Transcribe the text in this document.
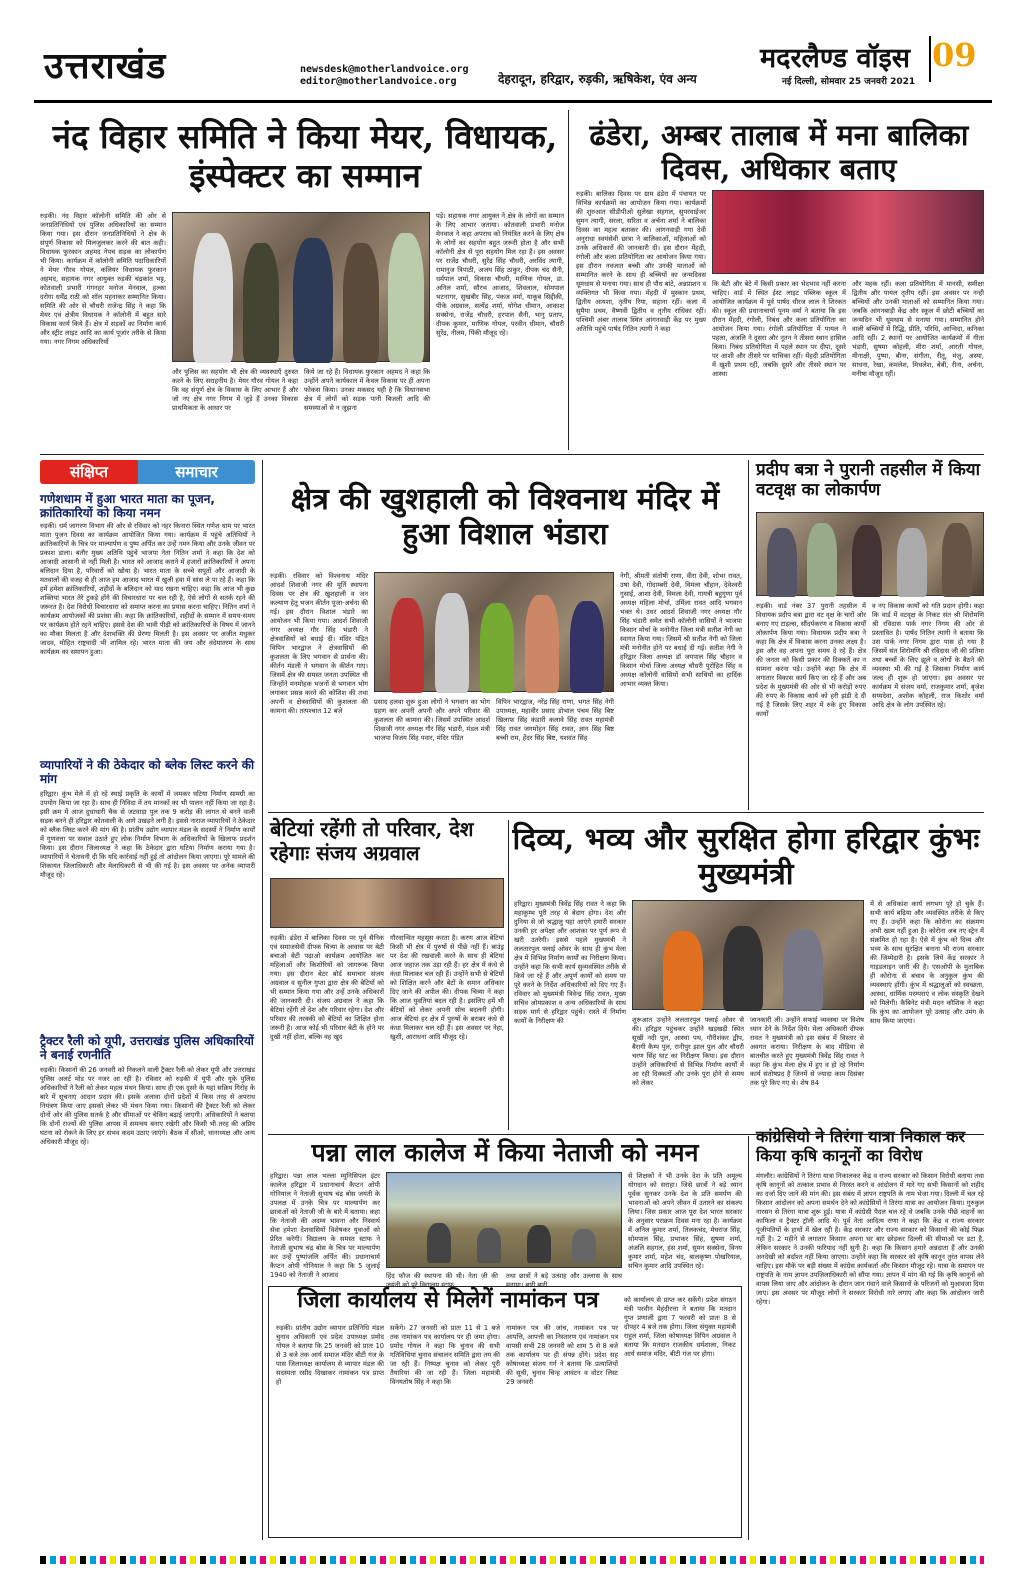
उत्तराखंड	newsdesk@motherlandvoice.org
editor@motherlandvoice.org	देहरादून, हरिद्वार, रुड़की, ऋषिकेश, एंव अन्य
मदरलैण्ड वॉइस 09
नई दिल्ली, सोमवार 25 जनवरी 2021
नंद विहार समिति ने किया मेयर, विधायक, इंस्पेक्टर का सम्मान
रुड़की। नंद विहार कॉलोनी समिति की ओर से जनप्रतिनिधियों एवं पुलिस अधिकारियों का सम्मान किया गया। इस दौरान जनप्रतिनिधियों ने क्षेत्र के संपूर्ण विकास को मिलजुलकर करने की बात कही। विधायक फुरकान अहमद नेपच सड़क का लोकार्पण भी किया। कार्यक्रम में कॉलोनी समिति पदाधिकारियों ने मेयर गौरव गोयल, कलियर विधायक फुरकान अहमद, सहायक नगर आयुक्त रुड़की चंद्रकांत भट्ट, कोतवाली प्रभारी गंगनहर मनोज मेनवाल, हल्का दरोगा धर्मेंद्र राठी को शॉल पहनाकर सम्मानित किया। समिति की ओर से चौधरी राजेन्द्र सिंह ने कहा कि मेयर एवं क्षेत्रीय विधायक ने कॉलोनी में बहुत सारे विकास कार्य किये हैं। क्षेत्र में सड़कों का निर्माण कार्य और स्ट्रीट लाइट आदि का कार्य पूजांर तरीके से किया गया। नगर निगम अधिकारियों
और पुलिस का सहयोग भी क्षेत्र की व्यवस्थाएँ दुरुस्त करने के लिए सराहनीय है। मेयर गौरव गोयल ने कहा कि वह संपूर्ण क्षेत्र के विकास के लिए आभार हैं और जो नए क्षेत्र नगर निगम में जुड़े हैं उनका विकास प्राथमिकता के आधार पर
किये जा रहे हैं। विधायक फुरकान अहमद ने कहा कि उन्होंने अपने कार्यकाल में केवल विकास पर ही अपना फोकस किया। उनका मकसद यही है कि विधानसभा क्षेत्र में लोगों को सड़क पानी बिजली आदि की समस्याओं से न जूझना
पड़े। सहायक नगर आयुक्त ने क्षेत्र के लोगों का सम्मान के लिए आभार जताया। कोतवाली प्रभारी मनोज मेनवाल ने कहा अपराध को नियंत्रित करने के लिए क्षेत्र के लोगों का सहयोग बहुत जरूरी होता है और सभी कॉलोनी क्षेत्र से पूरा सहयोग मिल रहा है। इस अवसर पर राजेंद्र चौधरी, सुरेंद्र सिंह चौधरी, अरविंद त्यागी, रामानुज त्रिपाठी, अजय सिंह ठाकुर, दीपक चंद सैनी, धर्मपाल शर्मा, विकास चौधरी, माणिक गोयल, डा. अनिल शर्मा, सौरभ आजाद, शिवलाल, सोमपाल भटनागर, सुखबीर सिंह, पंकज वर्मा, याकूब सिद्दीकी, पीके अग्रवाल, सत्येंद्र शर्मा, योगेश धीमान, आकाश सक्सेना, राजेंद्र चौधरी, हरपाल सैनी, भानु प्रताप, दीपक कुमार, माणिक गोयल, परवीन धीमान, चौधरी सुरेंद्र, नीलम, पिंकी मौजूद रहे।
ढंडेरा, अम्बर तालाब में मना बालिका दिवस, अधिकार बताए
रुड़की। बालिका दिवस पर ग्राम ढंडेरा में पंचायत पर विभिन्न कार्यक्रमों का आयोजन किया गया। कार्यक्रमों की शुरुआत सीडीपीओ सुलेखा सहगल, सुपरवाईजर सुमन त्यागी, सरला, सरिता व अर्चना शर्मा ने बालिका दिवस का महत्व बताकर की। आंगनवाड़ी गगा देवी अनुराधा स्वयंसेवी छात्रा ने बालिकाओं, महिलाओं को उनके अधिकारों की जानकारी दी। इस दौरान मेंहदी, रंगोली और कला प्रतियोगिता का आयोजन किया गया। इस दौरान नवजात बच्ची और उनकी माताओं को सम्मानित करने के साथ ही बच्चियों का जन्मदिवस धूमधाम से मनाया गया। साथ ही पौध बांटे, अन्नप्राशन व व्यक्तिगत भी किया गया। मेंहदी में मुस्कान प्रथम, द्वितीय आयशा, तृतीय रिया, सहाना रहीं। कला में सुमैया प्रथम, वैष्णवी द्वितीय व तृतीय राधिका रहीं। पश्चिमी अंबर तालाब स्थित आंगनवाड़ी केंद्र पर मुख्य अतिथि पहुंचे पार्षद नितिन त्यागी ने कहा
कि बेटी और बेटे में किसी प्रकार का भेदभाव नहीं करना चाहिए। वार्ड में स्थित ईस्ट लाइट पब्लिक स्कूल में आयोजित कार्यक्रम में पूर्व पार्षद धीरज लाल ने शिरकत की। स्कूल की प्रधानाचार्या पूनम वर्मा ने बताया कि इस दौरान मेंहदी, रंगोली, निबंध और कला प्रतियोगिता का आयोजन किया गया। रंगोली प्रतियोगिता में पायल ने पहला, अंजलि ने दूसरा और नूतन ने तीसरा स्थान हासिल किया। निबंध प्रतियोगिता में पहले स्थान पर दीपा, दूसरे पर आशी और तीसरे पर याचिका रहीं। मेंहदी प्रतियोगिता में खुशी प्रथम रहीं, जबकि दूसरे और तीसरे स्थान पर आस्था
और महक रहीं। कला प्रतियोगिता में मानसी, समीक्षा द्वितीय और पायल तृतीय रहीं। इस अवसर पर नन्ही बच्चियों और उनकी माताओं को सम्मानित किया गया। जबकि आंगनबाड़ी केंद्र और स्कूल में छोटी बच्चियों का जन्मदिन भी धूमधाम से मनाया गया। सम्मानित होने वाली बच्चियों में रिद्धि, प्रीति, परिधि, आन्विदा, कनिका आदि रहीं। 2 स्थानों पर आयोजित कार्यक्रमों में गीता भंडारी, सुषमा कोहली, मीरा शर्मा, आरती गोयल, मीनाक्षी, पुष्पा, बीना, संगीता, रीतू, मंजु, अस्मा, साधना, रेखा, कमलेश, मिथलेश, बेबी, रीना, अर्चना, मनीषा मौजूद रहीं।
संक्षिप्त	समाचार
गणेशधाम में हुआ भारत माता का पूजन, क्रांतिकारियों को किया नमन
रुड़की। धर्म जागरण विभाग की ओर से रविवार को नहर किनारा स्थित गणेश धाम पर भारत माता पूजन दिवस का कार्यक्रम आयोजित किया गया। कार्यक्रम में पहुंचे अतिथियों ने क्रांतिकारियों के चित्र पर माल्यार्पण व पुष्प अर्पित कर उन्हें नमन किया और उनके जीवन पर प्रकाश डाला। बतौर मुख्य अतिथि पहुंचे भाजपा नेता नितिन शर्मा ने कहा कि देश को आजादी आसानी से नहीं मिली है। भारत को आजाद कराने में हजारों क्रांतिकारियों ने अपना बलिदान दिया है, परिवारों को खोया है। भारत माता के सच्चे सपूतों और आजादी के मतवालों की वजह से ही आज हम आजाद भारत में खुली हवा में सांस ले पा रहे हैं। कहा कि हमें हमेशा क्रांतिकारियों, शहीदों के बलिदान को याद रखना चाहिए। कहा कि आज भी कुछ शक्तियां भारत तेरे टुकड़े होंगे की विचारधारा पर चल रही है, ऐसे लोगों से सतर्क रहने की जरूरत है। देश विरोधी विचारधारा को समाप्त करना का प्रयास करना चाहिए। नितिन शर्मा ने कार्यक्रम आयोजकों की प्रशंसा की। कहा कि क्रांतिकारियों, शहीदों के सम्मान में समय-समय पर कार्यक्रम होते रहने चाहिए। इससे देश की भावी पीढ़ी को क्रांतिकारियों के विषय में जानने का मौका मिलता है और देशभक्ति की प्रेरणा मिलती है। इस अवसर पर अजीत मधुकर जादव, मोहित राष्ट्रवादी भी शामिल रहे। भारत माता की जय और वंदेमातरम के साथ कार्यक्रम का समापन हुआ।
व्यापारियों ने की ठेकेदार को ब्लेक लिस्ट करने की मांग
हरिद्वार। कुंभ मेले में हो रहे स्थाई प्रकृति के कार्यों में जमकर घटिया निर्माण सामग्री का उपयोग किया जा रहा है। साथ ही निविदा में तय मानकों का भी पालन नहीं किया जा रहा है। इसी क्रम में आज दुधाधारी चैक से जटवाड़ा पुल तक 9 करोड़ की लागत से बनने वाली सड़क बनने ही हरिद्वार कोतवाली के आगे उखड़ने लगी है। इससे नाराज व्यापारियों ने ठेकेदार को ब्लैक लिस्ट करने की मांग की है। प्रांतीय उद्योग व्यापार मंडल के सदस्यों ने निर्माण कार्यों में गुणवत्ता पर सवाल उठाते हुए लोक निर्माण विभाग के अधिकारियों के खिलाफ प्रदर्शन किया। इस दौरान जिलाध्यक्ष ने कहा कि ठेकेदार द्वारा घटिया निर्माण कराया गया है। व्यापारियों ने चेतावनी दी कि यदि कार्रवाई नहीं हुई तो आंदोलन किया जाएगा। पूरे मामले की शिकायत जिलाधिकारी और मेलाधिकारी से भी की गई है। इस अवसर पर अनेक व्यापारी मौजूद रहे।
ट्रैक्टर रैली को यूपी, उत्तराखंड पुलिस अधिकारियों ने बनाई रणनीति
रुड़की। किसानों की 26 जनवरी को निकलने वाली ट्रैक्टर रैली को लेकर यूपी और उत्तराखंड पुलिस अलर्ट मोड पर नजर आ रही है। रविवार को रुड़की में यूपी और यूके पुलिस अधिकारियों ने रैली को लेकर महत्व मंथन किया। साथ ही एक दूसरे के यहां सक्रिय गिरोह के बारे में सूचनाएं आदान प्रदान की। इसके अलावा दोनों प्रदेशों में किस तरह से अपराध नियंत्रण किया जाए इसको लेकर भी मंथन किया गया। किसानों की ट्रैक्टर रैली को लेकर दोनों ओर की पुलिस सतर्क है और सीमाओं पर चेकिंग बढ़ाई जाएगी। अधिकारियों ने बताया कि दोनों राज्यों की पुलिस आपस में समन्वय बनाए रखेगी और किसी भी तरह की अप्रिय घटना को रोकने के लिए हर संभव कदम उठाए जाएंगे। बैठक में सीओ, थानाध्यक्ष और अन्य अधिकारी मौजूद रहे।
क्षेत्र की खुशहाली को विश्वनाथ मंदिर में हुआ विशाल भंडारा
रुड़की। रविवार को विश्वनाथ मंदिर आदर्श शिवाजी नगर की मूर्ति स्थापना दिवस पर क्षेत्र की खुशहाली व जन कल्याण हेतु भजन कीर्तन पूजा-अर्चना की गई। इस दौरान विशाल भंडारे का आयोजन भी किया गया। आदर्श शिवाजी नगर अध्यक्ष गौर सिंह भंडारी ने क्षेत्रवासियों को बधाई दी। मंदिर पंडित विपिन भारद्वाज ने क्षेत्रवासियों की कुशलता के लिए भगवान से प्रार्थना की। कीर्तन मंडली ने भगवान के कीर्तन गाए। जिसमें क्षेत्र की समस्त जनता उपस्थित थी जिन्होंने मनमोहक भजनों से भगवान भोग लगाकर प्रसन्न करने की कोशिश की तथा अपनी व क्षेत्रवासियों की कुशलता की कामना की। तत्पश्चात 12 बजे
प्रसाद हलवा शुरू हुआ लोगों ने भगवान का भोग ग्रहण कर अपनी अपनी और अपने परिवार की कुशलता की कामना की। जिसमें उपस्थित आदर्श शिवाजी नगर अध्यक्ष गौर सिंह भंडारी, मंडल मंत्री भाजपा विजय सिंह पवार, मंदिर पंडित
विपिन भारद्वाज, नरेंद्र सिंह राणा, भगत सिंह नेगी उपाध्यक्ष, महावीर प्रसाद डोभाल पंचम सिंह बिष्ट खिलाफ सिंह कंडारी कलावे सिंह रावत महामंत्री सिंह रावत जगमोहन सिंह रावत, ज्ञान सिंह बिष्ट बच्ची राम, हेंदर सिंह बिष्ट, यशवंत सिंह
नेगी, श्रीमती संतोषी राणा, वीरा देवी, शोभा रावत, उषा देवी, गोदाम्बरी देवी, विमला चौहान, देवेश्वरी गुसाईं, आशा देवी, विमला देवी, गायत्री बहुगुणा पूर्व अध्यक्ष महिला मोर्चा, उर्मिला रावत आदि भगवान भक्त थे। उधर आदर्श शिवाजी नगर अध्यक्ष गौर सिंह भंडारी समेत सभी कॉलोनी वासियों ने भाजपा किसान मोर्चा के मनोनीत जिला मंत्री सतीश नेगी का स्वागत किया गया। जिसमें श्री सतीश नेगी को जिला मंत्री मनोनीत होने पर बधाई दी गई। सतीश नेगी ने हरिद्वार जिला अध्यक्ष डॉ जयपाल सिंह चौहान व किसान मोर्चा जिला अध्यक्ष चौधरी पुरोहित सिंह व अध्यक्ष कॉलोनी वासियों सभी साथियों का हार्दिक आभार व्यक्त किया।
प्रदीप बत्रा ने पुरानी तहसील में किया वटवृक्ष का लोकार्पण
रुड़की। वार्ड नंबर 37 पुरानी तहसील में विधायक प्रदीप बत्रा द्वारा वट वृक्ष के चारों ओर बनाए गए टाइल्स, सौंदर्यकरण व विकास कार्यों लोकार्पण किया गया। विधायक प्रदीप बत्रा ने कहा कि क्षेत्र में विकास करना उनका लक्ष्य है। इस और वह अपना पूरा समय दे रहे हैं। क्षेत्र की जनता को किसी प्रकार की दिक्कतें का न सामना करना पड़े। उन्होंने कहा कि क्षेत्र में लगातार विकास कार्य किए जा रहे हैं और अब प्रदेश के मुख्यमंत्री की ओर से भी करोड़ों रुपए की रुपए के विकास कार्य को हरी झंडी दे दी गई है जिसके लिए शहर में रुके हुए विकास कार्यों
व नए विकास कार्यों को गति प्रदान होगी। कहा कि वार्ड में वटवृक्ष के निकट संत श्री शिरोमणि श्री रविदास पार्क नगर निगम की ओर से प्रस्तावित है। पार्षद नितिन त्यागी ने बताया कि उस पार्क नगर निगम द्वारा पास हो गया है जिसमें संत शिरोमणि श्री रविदास जी की प्रतिमा तथा बच्चों के लिए झूले व लोगों के बैठने की व्यवस्था भी की गई है जिसका निर्माण कार्य जल्द ही शुरू हो जाएगा। इस अवसर पर कार्यक्रम में संजय वर्मा, राजकुमार शर्मा, बृजेश सय्यदेवा, अशोक कोहली, राज किशोर वर्मा आदि क्षेत्र के लोग उपस्थित रहे।
बेटियां रहेंगी तो परिवार, देश रहेगाः संजय अग्रवाल
रुड़की। ढंडेरा में बालिका दिवस पर पूर्व सैनिक एवं समाजसेवी दीपक चित्र्या के आवास पर बेटी बचाओ बेटी पढ़ाओ कार्यक्रम आयोजित कर महिलाओं और किशोरियों को जागरूक किया गया। इस दौरान बेटर बोर्ड समाचार संजय अग्रवाल व सुनील गुप्ता द्वारा क्षेत्र की बेटियों को भी सम्मान किया गया और उन्हें उनके अधिकारों की जानकारी दी। संजय अग्रवाल ने कहा कि बेटियां रहेंगी तो देश और परिवार रहेगा। देश और परिवार की तरक्की को बेटियों का शिक्षित होना जरूरी है। आज कोई भी परिवार बेटी के होने पर दुखी नहीं होता, बल्कि वह खुद
गौरवान्वित महसूस करता है। करण आज बेटियां किसी भी क्षेत्र में पुरुषों से पीछे नहीं हैं। बाउंड्र पर देश की रखवाली करने के साथ ही बेटियां आज जहाज तक उड़ा रही हैं। हर क्षेत्र में कंधे से कंधा मिलाकर चल रही हैं। उन्होंने सभी से बेटियों को शिक्षित करने और बेटों के समान अधिकार दिए जाने की अपील की। दीपक चित्र्या ने कहा कि आज युवतियां बदल रही है। इसलिए हमें भी बेटियों को लेकर अपनी सोच बदलनी होगी। आज बेटियां हर क्षेत्र में पुरुषों के बराबर कंधे से कंधा मिलाकर चल रही हैं। इस अवसर पर नेहा, खुशी, आराधना आदि मौजूद रहे।
दिव्य, भव्य और सुरक्षित होगा हरिद्वार कुंभः मुख्यमंत्री
हरिद्वार। मुख्यमंत्री त्रिवेंद्र सिंह रावत ने कहा कि महाकुम्भ पूरी तरह से बेदाग होगा। देश और दुनिया से जो श्रद्धालु यहां आएंगे हमारी सरकार उनकी हर अपेक्षा और आशंका पर पूर्ण रूप से खरी उतरेगी। इससे पहले मुख्यमंत्री ने ललतारपुल फ्लाई ओवर के साथ ही कुंभ मेला क्षेत्र में विभिन्न निर्माण कार्यों का निरीक्षण किया। उन्होंने कहा कि सभी कार्य सुव्यवस्थित तरीके से किये जा रहे हैं और अपूर्ण कार्यों को समय पर पूरे करने के निर्देश अधिकारियों को दिए गए हैं। रविवार को मुख्यमंत्री त्रिवेन्द्र सिंह रावत, मुख्य सचिव ओमप्रकाश व अन्य अधिकारियों के साथ सड़क मार्ग से हरिद्वार पहुंचे। रास्ते में निर्माण कार्यों के निरीक्षण की	शुरूआत उन्होंने ललतारपुल फ्लाई ओवर से की। हरिद्वार पहुंचकर उन्होंने खड़खड़ी स्थित सूखी नदी पुल, आस्था पथ, गौरीशंकर द्वीप, बैरागी कैम्प पुल, रानीपुर झाल पुल और चौधरी चरण सिंह घाट का निरीक्षण किया। इस दौरान उन्होंने अधिकारियों से विभिन्न निर्माण कार्यों में आ रही दिक्कतों और उनके पूरा होने से समय को लेकर
जानकारी ली। उन्होंने सफाई व्यवस्था पर विशेष ध्यान देने के निर्देश दिये। मेला अधिकारी दीपक रावत ने मुख्यमंत्री को इस संबंध में विस्तार से अवगत कराया। निरीक्षण के बाद मीडिया से बातचीत करते हुए मुख्यमंत्री त्रिवेंद्र सिंह रावत ने कहा कि कुंभ मेला क्षेत्र में हुए व हो रहे निर्माण कार्य संतोषप्रद है जिनमें से ज्यादा काम दिसंबर तक पूरे किए गए थे। शेष 84
में से अधिकांश कार्य लगभग पूरे हो चुके हैं। सभी कार्य बढ़िया और व्यवस्थित तरीके से किए गए हैं। उन्होंने कहा कि कोरोना का संक्रमण अभी खत्म नहीं हुआ है। कोरोना अब नए स्ट्रेन में संक्रमित हो रहा है। ऐसे में कुंभ को दिव्य और भव्य के साथ सुरक्षित बनाना भी राज्य सरकार की जिम्मेदारी है। इसके लिये केंद्र सरकार ने गाइडलाइन जारी की है। एसओपी के मुताबिक ही कोरोना से बचाव के अनुकूल कुंभ की व्यवस्थाएं होंगी। कुंभ में श्रद्धालुओं को स्वच्छता, आस्था, धार्मिक परम्पराएं व लोक संस्कृति देखने को मिलेगी। कैबिनेट मंत्री मदन कौशिक ने कहा कि कुंभ का आयोजन पूरे उत्साह और उमंग के साथ किया जाएगा।
पन्ना लाल कालेज में किया नेताजी को नमन
हरिद्वार। पन्ना लाल भल्ला म्युनिसिपल इंटर कालेज हरिद्वार में प्रधानाचार्य कैप्टन ओपी गोनियाल ने नेताजी सुभाष चंद्र बोस जयंती के उपलक्ष में उनके चित्र पर माल्यार्पण कर छात्राओं को नेताजी जी के बारे में बताया। कहा कि नेताजी की अदम्य भावना और निस्वार्थ सेवा हमेशा देशवासियों विशेषकर युवाओं को प्रेरित करेगी। विद्यालय के समस्त स्टाफ ने नेताजी सुभाष चंद्र बोस के चित्र पर माल्यार्पण कर उन्हें पुष्पांजलि अर्पित की। प्रधानाचार्य कैप्टन ओपी गोनियाल ने कहा कि 5 जुलाई 1940 को नेताजी ने आजाद	हिंद फौज की स्थापना की थी। नेता जी की जयंती को पूरे विद्यालय स्टाफ
तथा छात्रों ने बड़े उत्साह और उल्लास के साथ मनाया। बारी बारी
से शिक्षकों ने भी उनके देश के प्रति अमूल्य योगदान को सराहा। जिसे छात्रों ने बड़े ध्यान पूर्वक सुनकर उनके देश के प्रति समर्पण की भावनाओं को अपने जीवन में उतारने का संकल्प लिया। जिस प्रकार आज पूरा देश भारत सरकार के अनुसार पराक्रम दिवस मना रहा है। कार्यक्रम में अनिल कुमार शर्मा, तिलकचंद, मेघराज सिंह, सोमपाल सिंह, प्रभाकर सिंह, सुषमा शर्मा, अंजलि सहगल, हंस शर्मा, सुमन सक्सेना, विनय कुमार शर्मा, महेश चंद, बालकृष्ण पोखरियाल, सचिन कुमार आदि उपस्थित रहे।
कांग्रेसियो ने तिरंगा यात्रा निकाल कर किया कृषि कानूनों का विरोध
मंगलौर। कांग्रेसियों ने तिरंगा यात्रा निकालकर केंद्र व राज्य सरकार को किसान विरोधी बताया तथा कृषि कानूनों को तत्काल प्रभाव से निरस्त करने व आंदोलन में मारे गए सभी किसानों को शहीद का दर्जा दिए जाने की मांग की। इस संबंध में ज्ञापन राष्ट्रपति के नाम भेजा गया। दिल्ली में चल रहे किसान आंदोलन को अपना समर्थन देने को कांग्रेसियों ने तिरंगा यात्रा का आयोजन किया। गुरुकुल नारसन से तिरंगा यात्रा शुरू हुई। यात्रा में कांग्रेसी पैदल चल रहे थे जबकि उनके पीछे वाहनों का काफिला व ट्रैक्टर ट्रॉली आदि थे। पूर्व नेता आदित्य राणा ने कहा कि केंद्र व राज्य सरकार पूंजीपतियों के हाथों में खेल रही है। केंद्र सरकार और राज्य सरकार को किसानों की कोई फिक्र नहीं है। 2 महीने से लगातार किसान अपना घर बार छोड़कर दिल्ली की सीमाओं पर डटा है, लेकिन सरकार ने उनकी फरियाद नहीं सुनी है। कहा कि किसान हमारे अन्नदाता हैं और उनकी अनदेखी को बर्दाश्त नहीं किया जाएगा। उन्होंने कहा कि सरकार को कृषि कानून तुरंत वापस लेने चाहिए। इस मौके पर बड़ी संख्या में कांग्रेस कार्यकर्ता और किसान मौजूद रहे। यात्रा के समापन पर राष्ट्रपति के नाम ज्ञापन उपजिलाधिकारी को सौंपा गया। ज्ञापन में मांग की गई कि कृषि कानूनों को वापस लिया जाए और आंदोलन के दौरान जान गंवाने वाले किसानों के परिजनों को मुआवजा दिया जाए। इस अवसर पर मौजूद लोगों ने सरकार विरोधी नारे लगाए और कहा कि आंदोलन जारी रहेगा।
जिला कार्यालय से मिलेगें नामांकन पत्र
रुड़की। प्रांतीय उद्योग व्यापार प्रतिनिधि मंडल चुनाव अधिकारी एवं प्रदेश उपाध्यक्ष प्रमोद गोयल ने बताया कि 25 जनवरी को प्रातः 10 से 3 बजे तक आर्य समाज मंदिर बीटी गंज के पास जिलाध्यक्ष कार्यालय से व्यापार मंडल की सदस्यता रसीद दिखाकर नामांकन पत्र प्राप्त हो
सकेंगे। 27 जनवरी को प्रातः 11 से 1 बजे तक नामांकन पत्र कार्यालय पर ही जमा होगा। प्रमोद गोयल ने कहा कि चुनाव की सभी गतिविधियां चुनाव संचालन समिति द्वारा तय की जा रही हैं। निष्पक्ष चुनाव को लेकर पूरी तैयारियां की जा रही हैं। जिला महामंत्री विनयतोष सिंह ने कहा कि
नामांकन पत्र की जांच, नामांकन पत्र पर आपत्ति, आपत्ती का निस्तारण एवं नामांकन पत्र वापसी सभी 28 जनवरी को शाम 5 से 8 बजे तक कार्यालय पर ही संपन्न होंगे। प्रदेश सह कोषाध्यक्ष संजय गर्ग ने बताया कि प्रत्याशियों की सूची, चुनाव चिन्ह आवंटन व वोटर लिस्ट 29 जनवरी
को कार्यालय से प्राप्त कर सकेंगे। प्रदेश संगठन मंत्री परवीन मेहंदीरत्ता ने बताया कि मतदान गुप्त प्रणाली द्वारा 7 फरवरी को प्रातः 8 से दोपहर 4 बजे तक होगा। जिला संयुक्त महामंत्री राहुल शर्मा, जिला कोषाध्यक्ष विपिन अग्रवाल ने बताया कि मतदान राजकीय धर्मशाला, निकट आर्य समाज मंदिर, बीटी गंज पर होगा।
